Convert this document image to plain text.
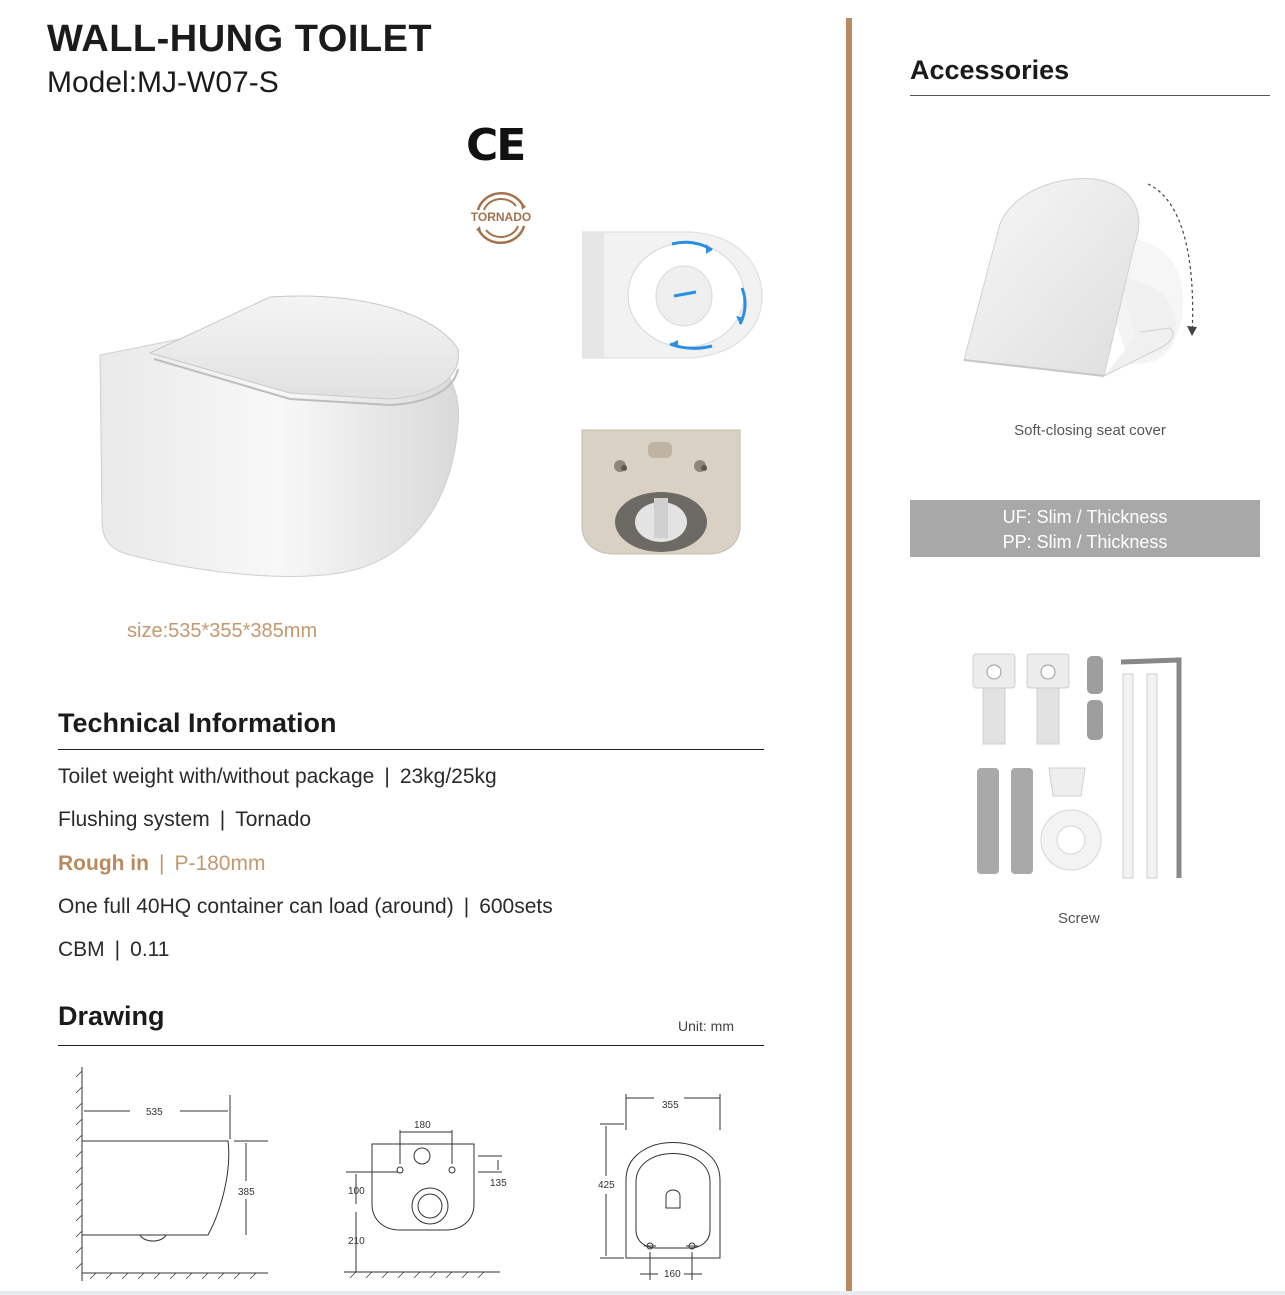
WALL-HUNG TOILET
Model:MJ-W07-S
CE
TORNADO
size:535*355*385mm
Technical Information
Toilet weight with/without package | 23kg/25kg
Flushing system | Tornado
Rough in | P-180mm
One full 40HQ container can load (around) | 600sets
CBM | 0.11
Drawing	Unit: mm
535
385
180
135
100
210
355
425
160
Accessories
Soft-closing seat cover
UF: Slim / Thickness
PP: Slim / Thickness
Screw
